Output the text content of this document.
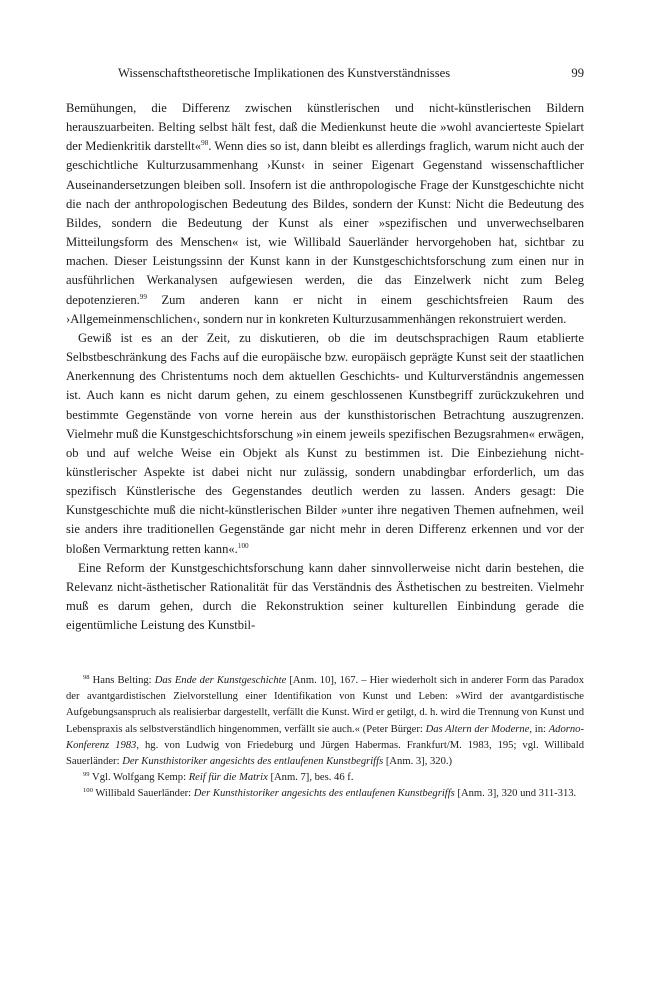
Wissenschaftstheoretische Implikationen des Kunstverständnisses	99

Bemühungen, die Differenz zwischen künstlerischen und nicht-künstlerischen Bildern herauszuarbeiten. Belting selbst hält fest, daß die Medienkunst heute die »wohl avancierteste Spielart der Medienkritik darstellt«$^{98}$. Wenn dies so ist, dann bleibt es allerdings fraglich, warum nicht auch der geschichtliche Kulturzusammenhang ›Kunst‹ in seiner Eigenart Gegenstand wissenschaftlicher Auseinandersetzungen bleiben soll. Insofern ist die anthropologische Frage der Kunstgeschichte nicht die nach der anthropologischen Bedeutung des Bildes, sondern der Kunst: Nicht die Bedeutung des Bildes, sondern die Bedeutung der Kunst als einer »spezifischen und unverwechselbaren Mitteilungsform des Menschen« ist, wie Willibald Sauerländer hervorgehoben hat, sichtbar zu machen. Dieser Leistungssinn der Kunst kann in der Kunstgeschichtsforschung zum einen nur in ausführlichen Werkanalysen aufgewiesen werden, die das Einzelwerk nicht zum Beleg depotenzieren.$^{99}$ Zum anderen kann er nicht in einem geschichtsfreien Raum des ›Allgemeinmenschlichen‹, sondern nur in konkreten Kulturzusammenhängen rekonstruiert werden.

Gewiß ist es an der Zeit, zu diskutieren, ob die im deutschsprachigen Raum etablierte Selbstbeschränkung des Fachs auf die europäische bzw. europäisch geprägte Kunst seit der staatlichen Anerkennung des Christentums noch dem aktuellen Geschichts- und Kulturverständnis angemessen ist. Auch kann es nicht darum gehen, zu einem geschlossenen Kunstbegriff zurückzukehren und bestimmte Gegenstände von vorne herein aus der kunsthistorischen Betrachtung auszugrenzen. Vielmehr muß die Kunstgeschichtsforschung »in einem jeweils spezifischen Bezugsrahmen« erwägen, ob und auf welche Weise ein Objekt als Kunst zu bestimmen ist. Die Einbeziehung nicht-künstlerischer Aspekte ist dabei nicht nur zulässig, sondern unabdingbar erforderlich, um das spezifisch Künstlerische des Gegenstandes deutlich werden zu lassen. Anders gesagt: Die Kunstgeschichte muß die nicht-künstlerischen Bilder »unter ihre negativen Themen aufnehmen, weil sie anders ihre traditionellen Gegenstände gar nicht mehr in deren Differenz erkennen und vor der bloßen Vermarktung retten kann«.$^{100}$

Eine Reform der Kunstgeschichtsforschung kann daher sinnvollerweise nicht darin bestehen, die Relevanz nicht-ästhetischer Rationalität für das Verständnis des Ästhetischen zu bestreiten. Vielmehr muß es darum gehen, durch die Rekonstruktion seiner kulturellen Einbindung gerade die eigentümliche Leistung des Kunstbil-

$^{98}$ Hans Belting: Das Ende der Kunstgeschichte [Anm. 10], 167. – Hier wiederholt sich in anderer Form das Paradox der avantgardistischen Zielvorstellung einer Identifikation von Kunst und Leben: »Wird der avantgardistische Aufgebungsanspruch als realisierbar dargestellt, verfällt die Kunst. Wird er getilgt, d. h. wird die Trennung von Kunst und Lebenspraxis als selbstverständlich hingenommen, verfällt sie auch.« (Peter Bürger: Das Altern der Moderne, in: Adorno-Konferenz 1983, hg. von Ludwig von Friedeburg und Jürgen Habermas. Frankfurt/M. 1983, 195; vgl. Willibald Sauerländer: Der Kunsthistoriker angesichts des entlaufenen Kunstbegriffs [Anm. 3], 320.)

$^{99}$ Vgl. Wolfgang Kemp: Reif für die Matrix [Anm. 7], bes. 46 f.

$^{100}$ Willibald Sauerländer: Der Kunsthistoriker angesichts des entlaufenen Kunstbegriffs [Anm. 3], 320 und 311-313.
